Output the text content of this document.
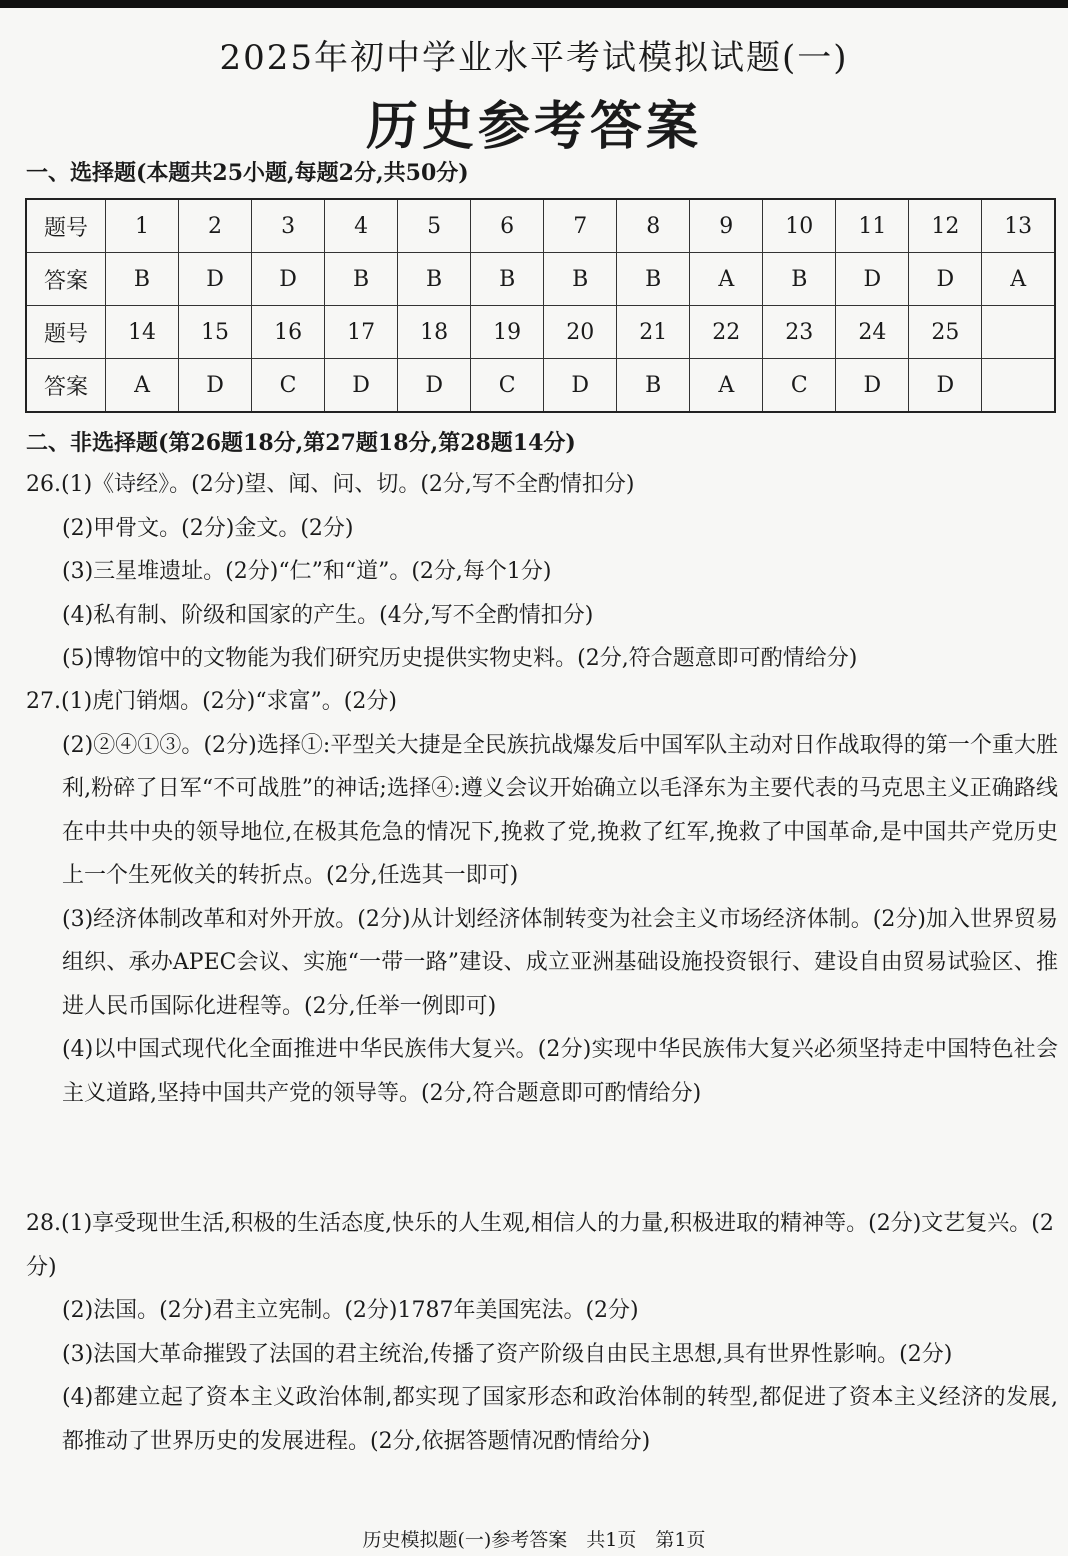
2025年初中学业水平考试模拟试题(一)
历史参考答案
一、选择题(本题共25小题,每题2分,共50分)
题号	1	2	3	4	5	6	7	8	9	10	11	12	13
答案	B	D	D	B	B	B	B	B	A	B	D	D	A
题号	14	15	16	17	18	19	20	21	22	23	24	25	
答案	A	D	C	D	D	C	D	B	A	C	D	D	
二、非选择题(第26题18分,第27题18分,第28题14分)

26.(1)《诗经》。(2分)望、闻、问、切。(2分,写不全酌情扣分)

(2)甲骨文。(2分)金文。(2分)

(3)三星堆遗址。(2分)“仁”和“道”。(2分,每个1分)

(4)私有制、阶级和国家的产生。(4分,写不全酌情扣分)

(5)博物馆中的文物能为我们研究历史提供实物史料。(2分,符合题意即可酌情给分)

27.(1)虎门销烟。(2分)“求富”。(2分)

(2)②④①③。(2分)选择①:平型关大捷是全民族抗战爆发后中国军队主动对日作战取得的第一个重大胜利,粉碎了日军“不可战胜”的神话;选择④:遵义会议开始确立以毛泽东为主要代表的马克思主义正确路线在中共中央的领导地位,在极其危急的情况下,挽救了党,挽救了红军,挽救了中国革命,是中国共产党历史上一个生死攸关的转折点。(2分,任选其一即可)

(3)经济体制改革和对外开放。(2分)从计划经济体制转变为社会主义市场经济体制。(2分)加入世界贸易组织、承办APEC会议、实施“一带一路”建设、成立亚洲基础设施投资银行、建设自由贸易试验区、推进人民币国际化进程等。(2分,任举一例即可)

(4)以中国式现代化全面推进中华民族伟大复兴。(2分)实现中华民族伟大复兴必须坚持走中国特色社会主义道路,坚持中国共产党的领导等。(2分,符合题意即可酌情给分)

28.(1)享受现世生活,积极的生活态度,快乐的人生观,相信人的力量,积极进取的精神等。(2分)文艺复兴。(2分)

(2)法国。(2分)君主立宪制。(2分)1787年美国宪法。(2分)

(3)法国大革命摧毁了法国的君主统治,传播了资产阶级自由民主思想,具有世界性影响。(2分)

(4)都建立起了资本主义政治体制,都实现了国家形态和政治体制的转型,都促进了资本主义经济的发展,都推动了世界历史的发展进程。(2分,依据答题情况酌情给分)

历史模拟题(一)参考答案　共1页　第1页
